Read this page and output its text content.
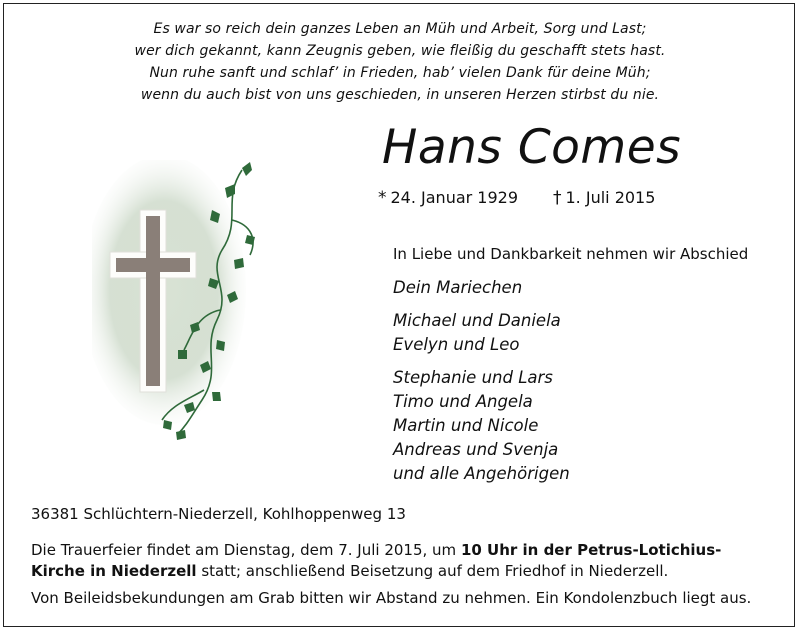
Es war so reich dein ganzes Leben an Müh und Arbeit, Sorg und Last;
wer dich gekannt, kann Zeugnis geben, wie fleißig du geschafft stets hast.
Nun ruhe sanft und schlaf’ in Frieden, hab’ vielen Dank für deine Müh;
wenn du auch bist von uns geschieden, in unseren Herzen stirbst du nie.
Hans Comes
* 24. Januar 1929 † 1. Juli 2015
In Liebe und Dankbarkeit nehmen wir Abschied
Dein Mariechen
Michael und Daniela
Evelyn und Leo
Stephanie und Lars
Timo und Angela
Martin und Nicole
Andreas und Svenja
und alle Angehörigen
36381 Schlüchtern-Niederzell, Kohlhoppenweg 13
Die Trauerfeier findet am Dienstag, dem 7. Juli 2015, um 10 Uhr in der Petrus-Lotichius-
Kirche in Niederzell statt; anschließend Beisetzung auf dem Friedhof in Niederzell.
Von Beileidsbekundungen am Grab bitten wir Abstand zu nehmen. Ein Kondolenzbuch liegt aus.
